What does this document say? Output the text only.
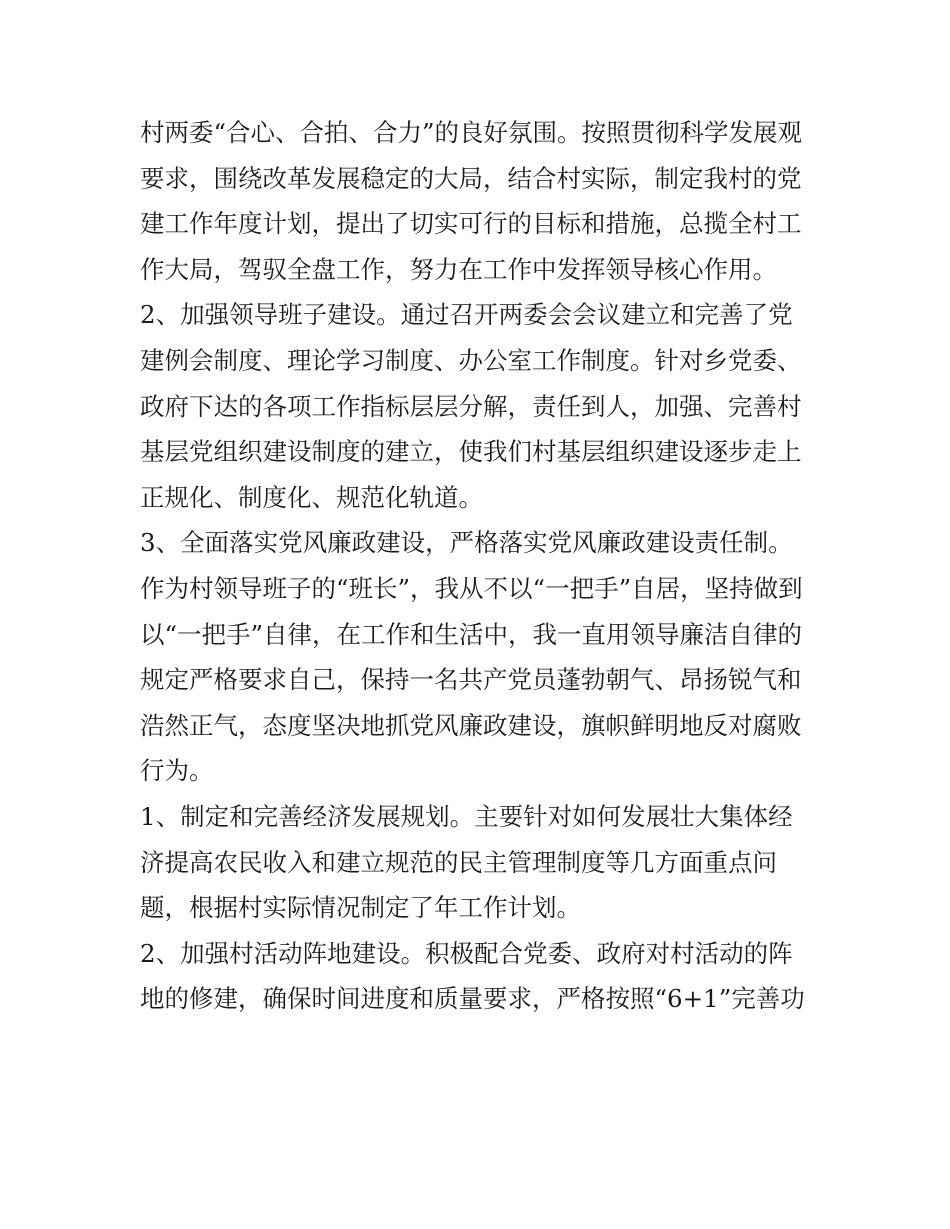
村两委“合心、合拍、合力”的良好氛围。按照贯彻科学发展观
要求，围绕改革发展稳定的大局，结合村实际，制定我村的党
建工作年度计划，提出了切实可行的目标和措施，总揽全村工
作大局，驾驭全盘工作，努力在工作中发挥领导核心作用。
2、加强领导班子建设。通过召开两委会会议建立和完善了党
建例会制度、理论学习制度、办公室工作制度。针对乡党委、
政府下达的各项工作指标层层分解，责任到人，加强、完善村
基层党组织建设制度的建立，使我们村基层组织建设逐步走上
正规化、制度化、规范化轨道。
3、全面落实党风廉政建设，严格落实党风廉政建设责任制。
作为村领导班子的“班长”，我从不以“一把手”自居，坚持做到
以“一把手”自律，在工作和生活中，我一直用领导廉洁自律的
规定严格要求自己，保持一名共产党员蓬勃朝气、昂扬锐气和
浩然正气，态度坚决地抓党风廉政建设，旗帜鲜明地反对腐败
行为。
1、制定和完善经济发展规划。主要针对如何发展壮大集体经
济提高农民收入和建立规范的民主管理制度等几方面重点问
题，根据村实际情况制定了年工作计划。
2、加强村活动阵地建设。积极配合党委、政府对村活动的阵
地的修建，确保时间进度和质量要求，严格按照“6+1”完善功
